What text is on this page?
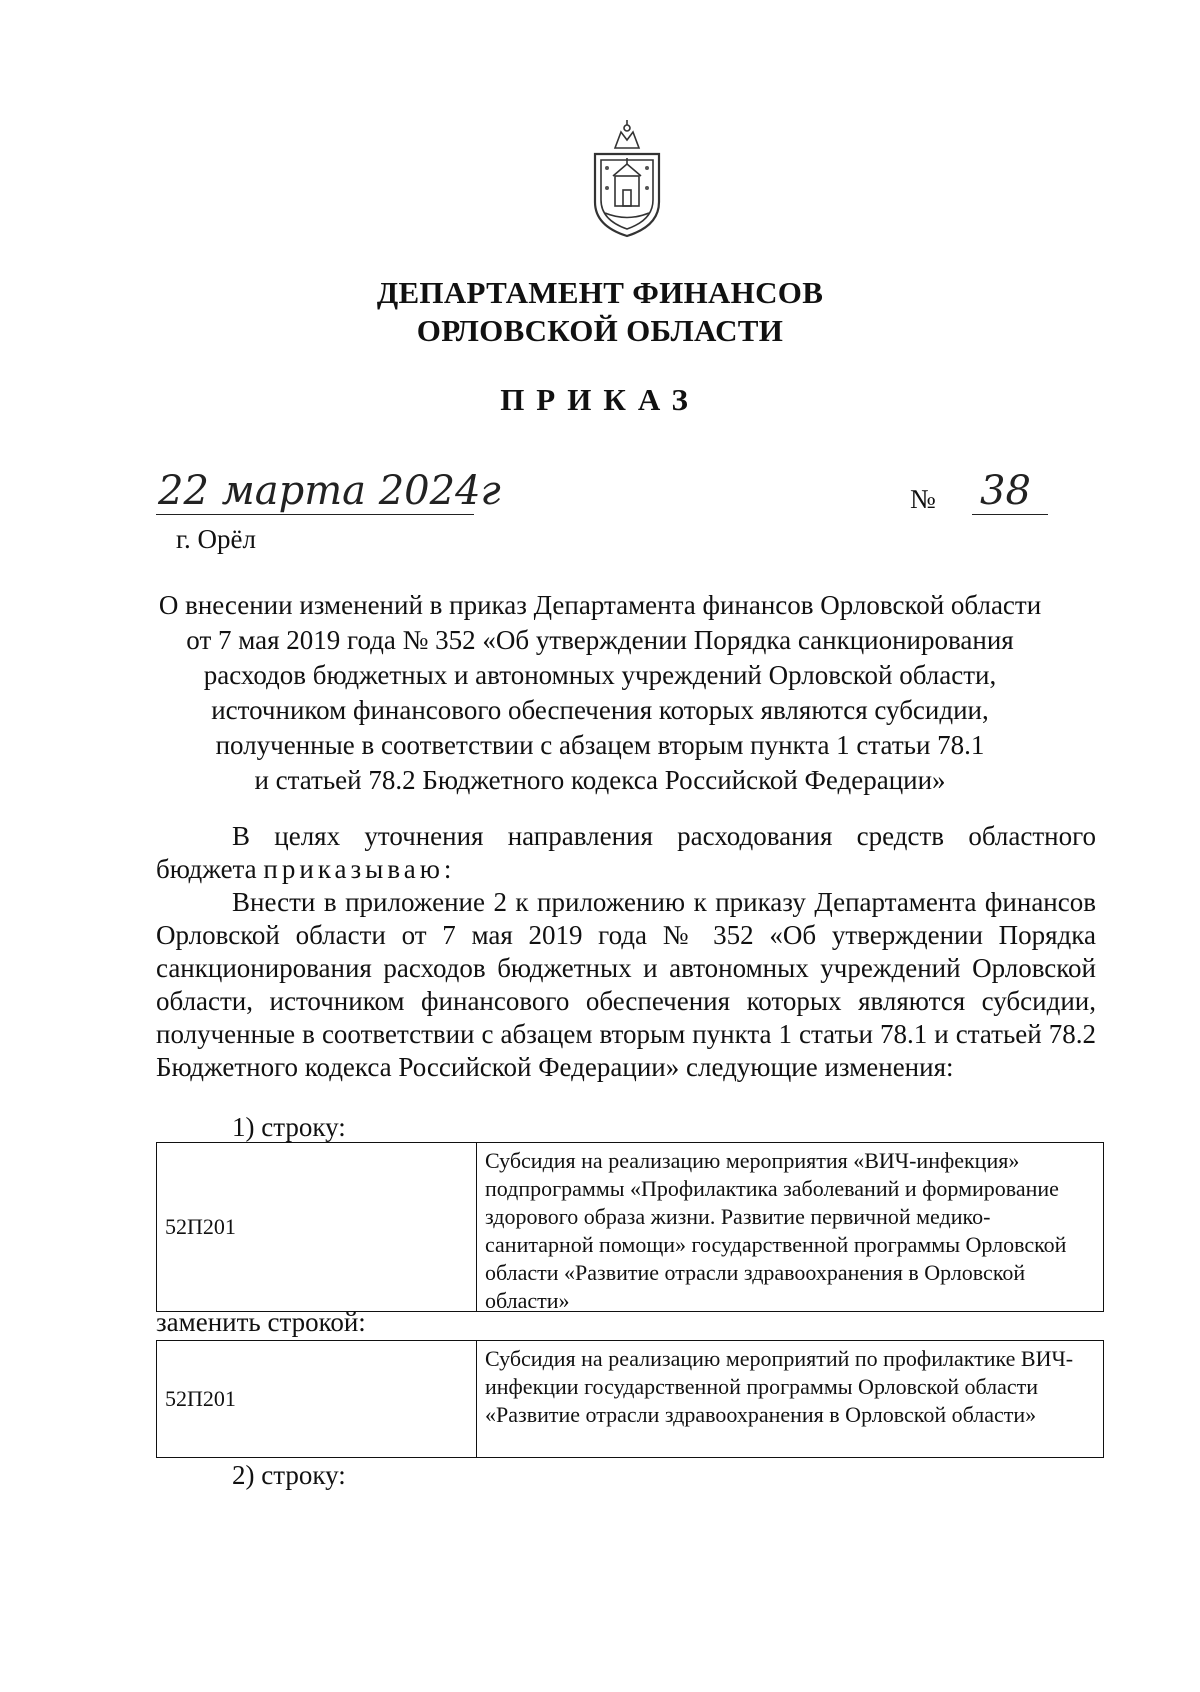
ДЕПАРТАМЕНТ ФИНАНСОВ
ОРЛОВСКОЙ ОБЛАСТИ
ПРИКАЗ
22 марта 2024г	№ 38
г. Орёл
О внесении изменений в приказ Департамента финансов Орловской области
от 7 мая 2019 года № 352 «Об утверждении Порядка санкционирования
расходов бюджетных и автономных учреждений Орловской области,
источником финансового обеспечения которых являются субсидии,
полученные в соответствии с абзацем вторым пункта 1 статьи 78.1
и статьей 78.2 Бюджетного кодекса Российской Федерации»
В целях уточнения направления расходования средств областного бюджета приказываю:
Внести в приложение 2 к приложению к приказу Департамента финансов Орловской области от 7 мая 2019 года № 352 «Об утверждении Порядка санкционирования расходов бюджетных и автономных учреждений Орловской области, источником финансового обеспечения которых являются субсидии, полученные в соответствии с абзацем вторым пункта 1 статьи 78.1 и статьей 78.2 Бюджетного кодекса Российской Федерации» следующие изменения:
1) строку:
52П201
Субсидия на реализацию мероприятия «ВИЧ-инфекция» подпрограммы «Профилактика заболеваний и формирование здорового образа жизни. Развитие первичной медико-санитарной помощи» государственной программы Орловской области «Развитие отрасли здравоохранения в Орловской области»
заменить строкой:
52П201
Субсидия на реализацию мероприятий по профилактике ВИЧ-инфекции государственной программы Орловской области «Развитие отрасли здравоохранения в Орловской области»
2) строку:
